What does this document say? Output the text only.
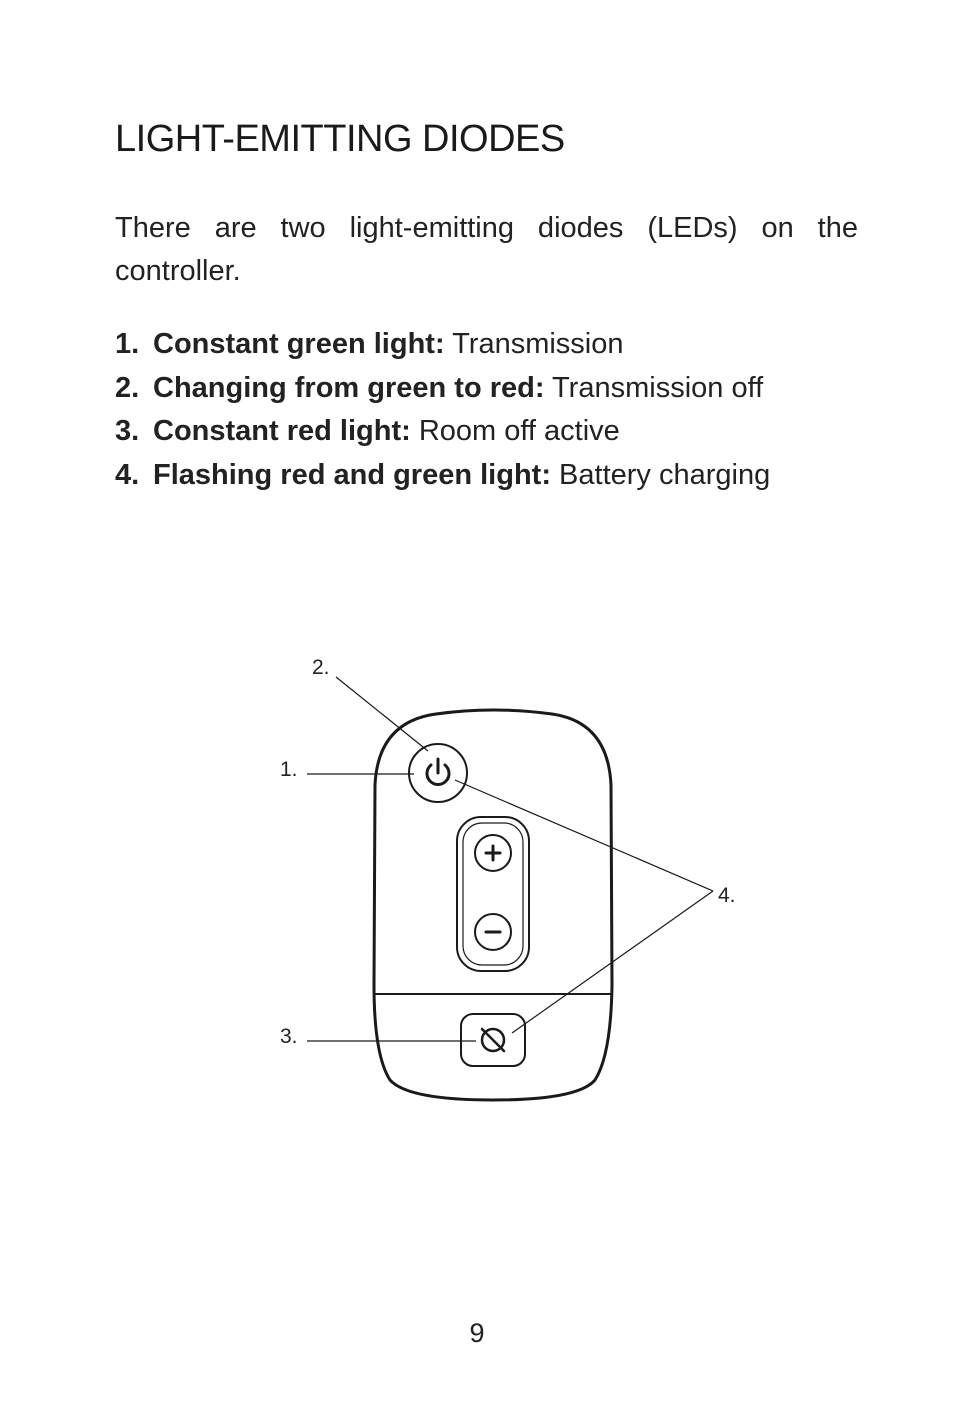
LIGHT-EMITTING DIODES

There are two light-emitting diodes (LEDs) on the controller.

1. Constant green light: Transmission
2. Changing from green to red: Transmission off
3. Constant red light: Room off active
4. Flashing red and green light: Battery charging
2.
1.
4.
3.
9
